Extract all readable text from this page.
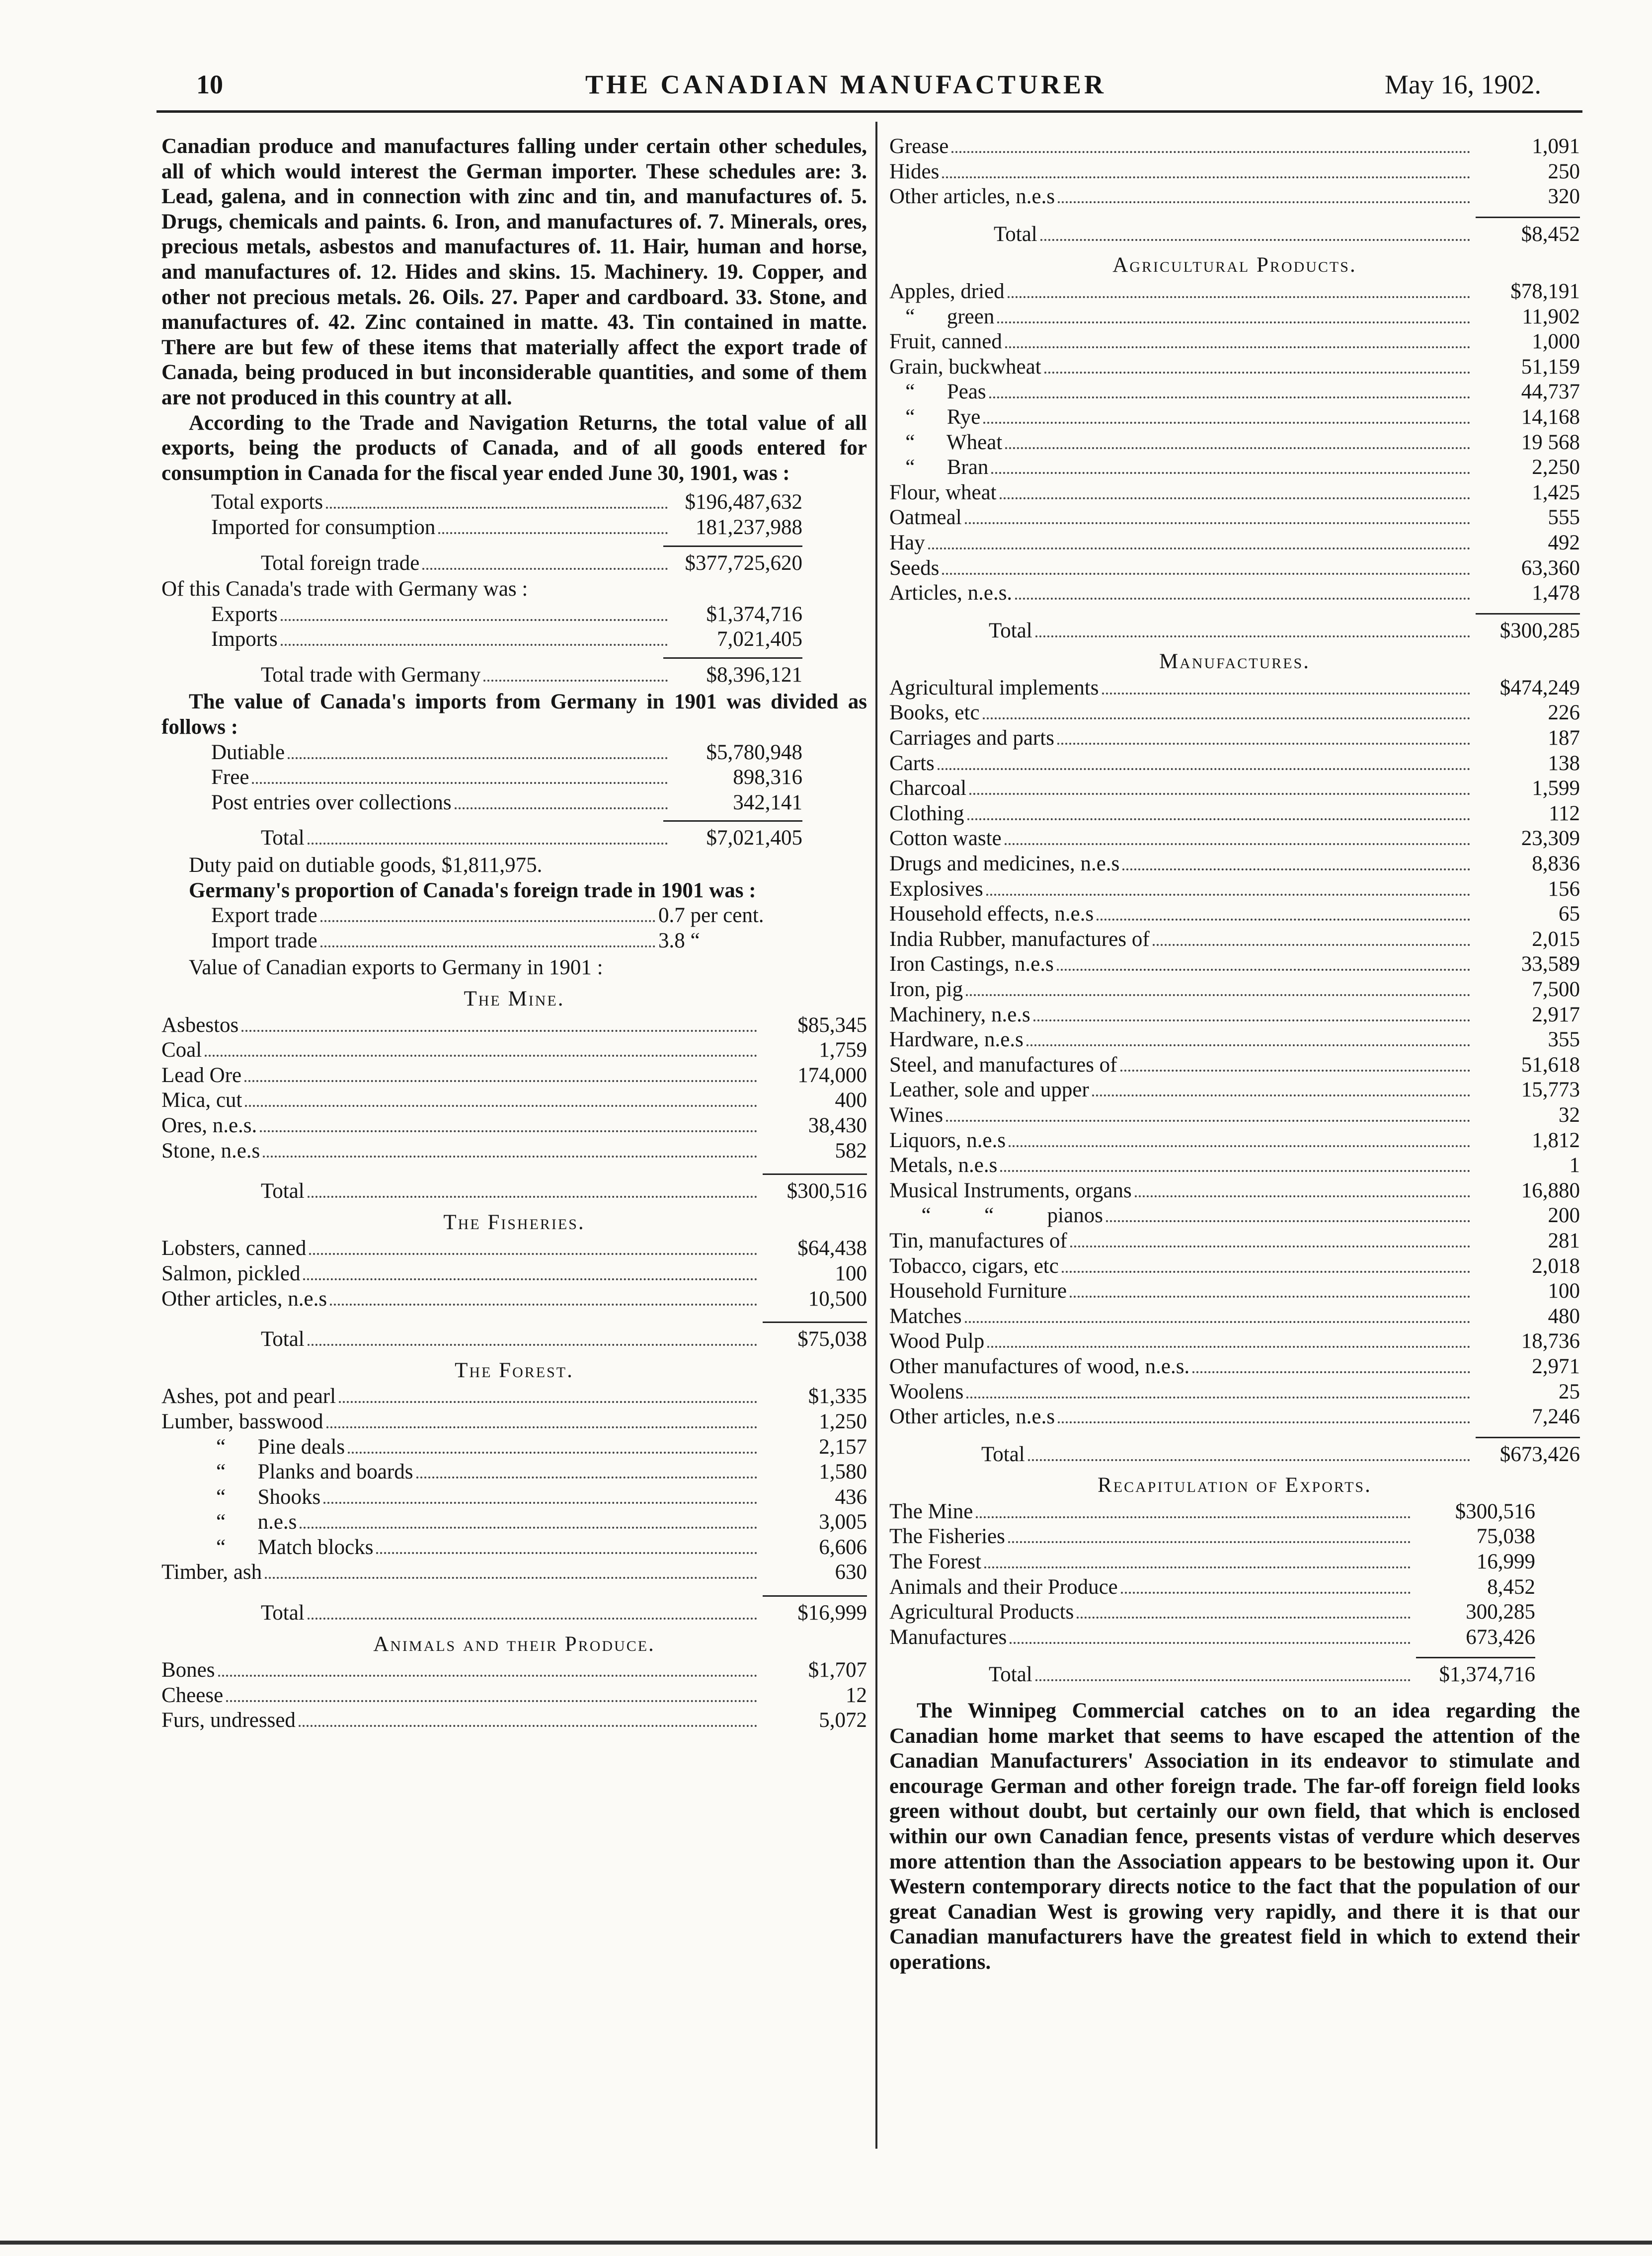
10	THE CANADIAN MANUFACTURER	May 16, 1902.

Canadian produce and manufactures falling under certain other schedules, all of which would interest the German importer. These schedules are: 3. Lead, galena, and in connection with zinc and tin, and manufactures of. 5. Drugs, chemicals and paints. 6. Iron, and manufactures of. 7. Minerals, ores, precious metals, asbestos and manufactures of. 11. Hair, human and horse, and manufactures of. 12. Hides and skins. 15. Machinery. 19. Copper, and other not precious metals. 26. Oils. 27. Paper and cardboard. 33. Stone, and manufactures of. 42. Zinc contained in matte. 43. Tin contained in matte. There are but few of these items that materially affect the export trade of Canada, being produced in but inconsiderable quantities, and some of them are not produced in this country at all.

According to the Trade and Navigation Returns, the total value of all exports, being the products of Canada, and of all goods entered for consumption in Canada for the fiscal year ended June 30, 1901, was :

Total exports	$196,487,632
Imported for consumption	181,237,988
Total foreign trade	$377,725,620

Of this Canada's trade with Germany was :

Exports	$1,374,716
Imports	7,021,405
Total trade with Germany	$8,396,121

The value of Canada's imports from Germany in 1901 was divided as follows :

Dutiable	$5,780,948
Free	898,316
Post entries over collections	342,141
Total	$7,021,405

Duty paid on dutiable goods, $1,811,975.

Germany's proportion of Canada's foreign trade in 1901 was :

Export trade	0.7 per cent.
Import trade	3.8 “

Value of Canadian exports to Germany in 1901 :

The Mine.
Asbestos	$85,345
Coal	1,759
Lead Ore	174,000
Mica, cut	400
Ores, n.e.s.	38,430
Stone, n.e.s	582
Total	$300,516
The Fisheries.
Lobsters, canned	$64,438
Salmon, pickled	100
Other articles, n.e.s	10,500
Total	$75,038
The Forest.
Ashes, pot and pearl	$1,335
Lumber, basswood	1,250
“      Pine deals	2,157
“      Planks and boards	1,580
“      Shooks	436
“      n.e.s	3,005
“      Match blocks	6,606
Timber, ash	630
Total	$16,999
Animals and their Produce.
Bones	$1,707
Cheese	12
Furs, undressed	5,072
Grease	1,091
Hides	250
Other articles, n.e.s	320
Total	$8,452
Agricultural Products.
Apples, dried	$78,191
“      green	11,902
Fruit, canned	1,000
Grain, buckwheat	51,159
“      Peas	44,737
“      Rye	14,168
“      Wheat	19 568
“      Bran	2,250
Flour, wheat	1,425
Oatmeal	555
Hay	492
Seeds	63,360
Articles, n.e.s.	1,478
Total	$300,285
Manufactures.
Agricultural implements	$474,249
Books, etc	226
Carriages and parts	187
Carts	138
Charcoal	1,599
Clothing	112
Cotton waste	23,309
Drugs and medicines, n.e.s	8,836
Explosives	156
Household effects, n.e.s	65
India Rubber, manufactures of	2,015
Iron Castings, n.e.s	33,589
Iron, pig	7,500
Machinery, n.e.s	2,917
Hardware, n.e.s	355
Steel, and manufactures of	51,618
Leather, sole and upper	15,773
Wines	32
Liquors, n.e.s	1,812
Metals, n.e.s	1
Musical Instruments, organs	16,880
“          “          pianos	200
Tin, manufactures of	281
Tobacco, cigars, etc	2,018
Household Furniture	100
Matches	480
Wood Pulp	18,736
Other manufactures of wood, n.e.s.	2,971
Woolens	25
Other articles, n.e.s	7,246
Total	$673,426
Recapitulation of Exports.
The Mine	$300,516
The Fisheries	75,038
The Forest	16,999
Animals and their Produce	8,452
Agricultural Products	300,285
Manufactures	673,426
Total	$1,374,716

The Winnipeg Commercial catches on to an idea regarding the Canadian home market that seems to have escaped the attention of the Canadian Manufacturers' Association in its endeavor to stimulate and encourage German and other foreign trade. The far-off foreign field looks green without doubt, but certainly our own field, that which is enclosed within our own Canadian fence, presents vistas of verdure which deserves more attention than the Association appears to be bestowing upon it. Our Western contemporary directs notice to the fact that the population of our great Canadian West is growing very rapidly, and there it is that our Canadian manufacturers have the greatest field in which to extend their operations.
